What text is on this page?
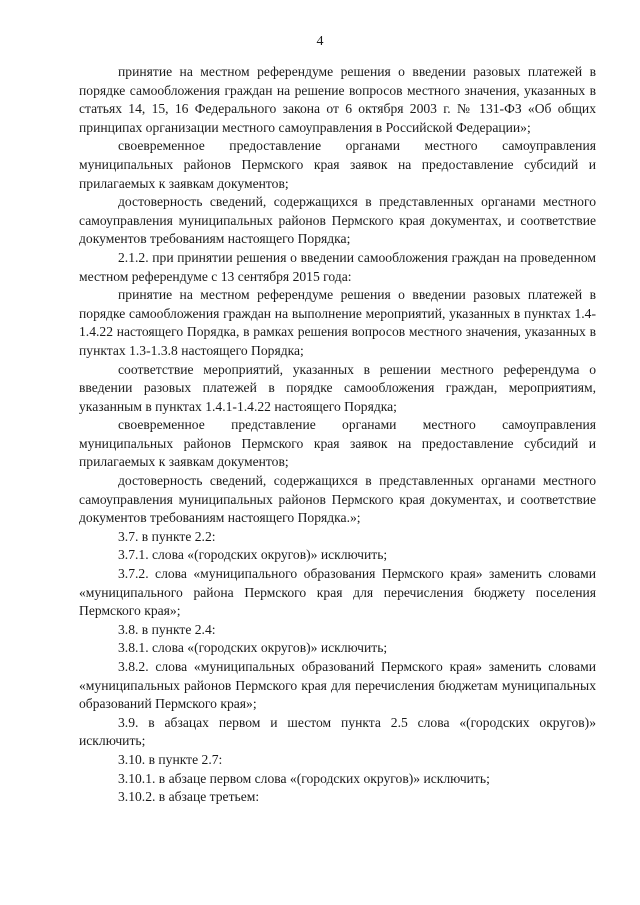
4

принятие на местном референдуме решения о введении разовых платежей в порядке самообложения граждан на решение вопросов местного значения, указанных в статьях 14, 15, 16 Федерального закона от 6 октября 2003 г. № 131-ФЗ «Об общих принципах организации местного самоуправления в Российской Федерации»;

своевременное предоставление органами местного самоуправления муниципальных районов Пермского края заявок на предоставление субсидий и прилагаемых к заявкам документов;

достоверность сведений, содержащихся в представленных органами местного самоуправления муниципальных районов Пермского края документах, и соответствие документов требованиям настоящего Порядка;

2.1.2. при принятии решения о введении самообложения граждан на проведенном местном референдуме с 13 сентября 2015 года:

принятие на местном референдуме решения о введении разовых платежей в порядке самообложения граждан на выполнение мероприятий, указанных в пунктах 1.4-1.4.22 настоящего Порядка, в рамках решения вопросов местного значения, указанных в пунктах 1.3-1.3.8 настоящего Порядка;

соответствие мероприятий, указанных в решении местного референдума о введении разовых платежей в порядке самообложения граждан, мероприятиям, указанным в пунктах 1.4.1-1.4.22 настоящего Порядка;

своевременное представление органами местного самоуправления муниципальных районов Пермского края заявок на предоставление субсидий и прилагаемых к заявкам документов;

достоверность сведений, содержащихся в представленных органами местного самоуправления муниципальных районов Пермского края документах, и соответствие документов требованиям настоящего Порядка.»;

3.7. в пункте 2.2:

3.7.1. слова «(городских округов)» исключить;

3.7.2. слова «муниципального образования Пермского края» заменить словами «муниципального района Пермского края для перечисления бюджету поселения Пермского края»;

3.8. в пункте 2.4:

3.8.1. слова «(городских округов)» исключить;

3.8.2. слова «муниципальных образований Пермского края» заменить словами «муниципальных районов Пермского края для перечисления бюджетам муниципальных образований Пермского края»;

3.9. в абзацах первом и шестом пункта 2.5 слова «(городских округов)» исключить;

3.10. в пункте 2.7:

3.10.1. в абзаце первом слова «(городских округов)» исключить;

3.10.2. в абзаце третьем:
